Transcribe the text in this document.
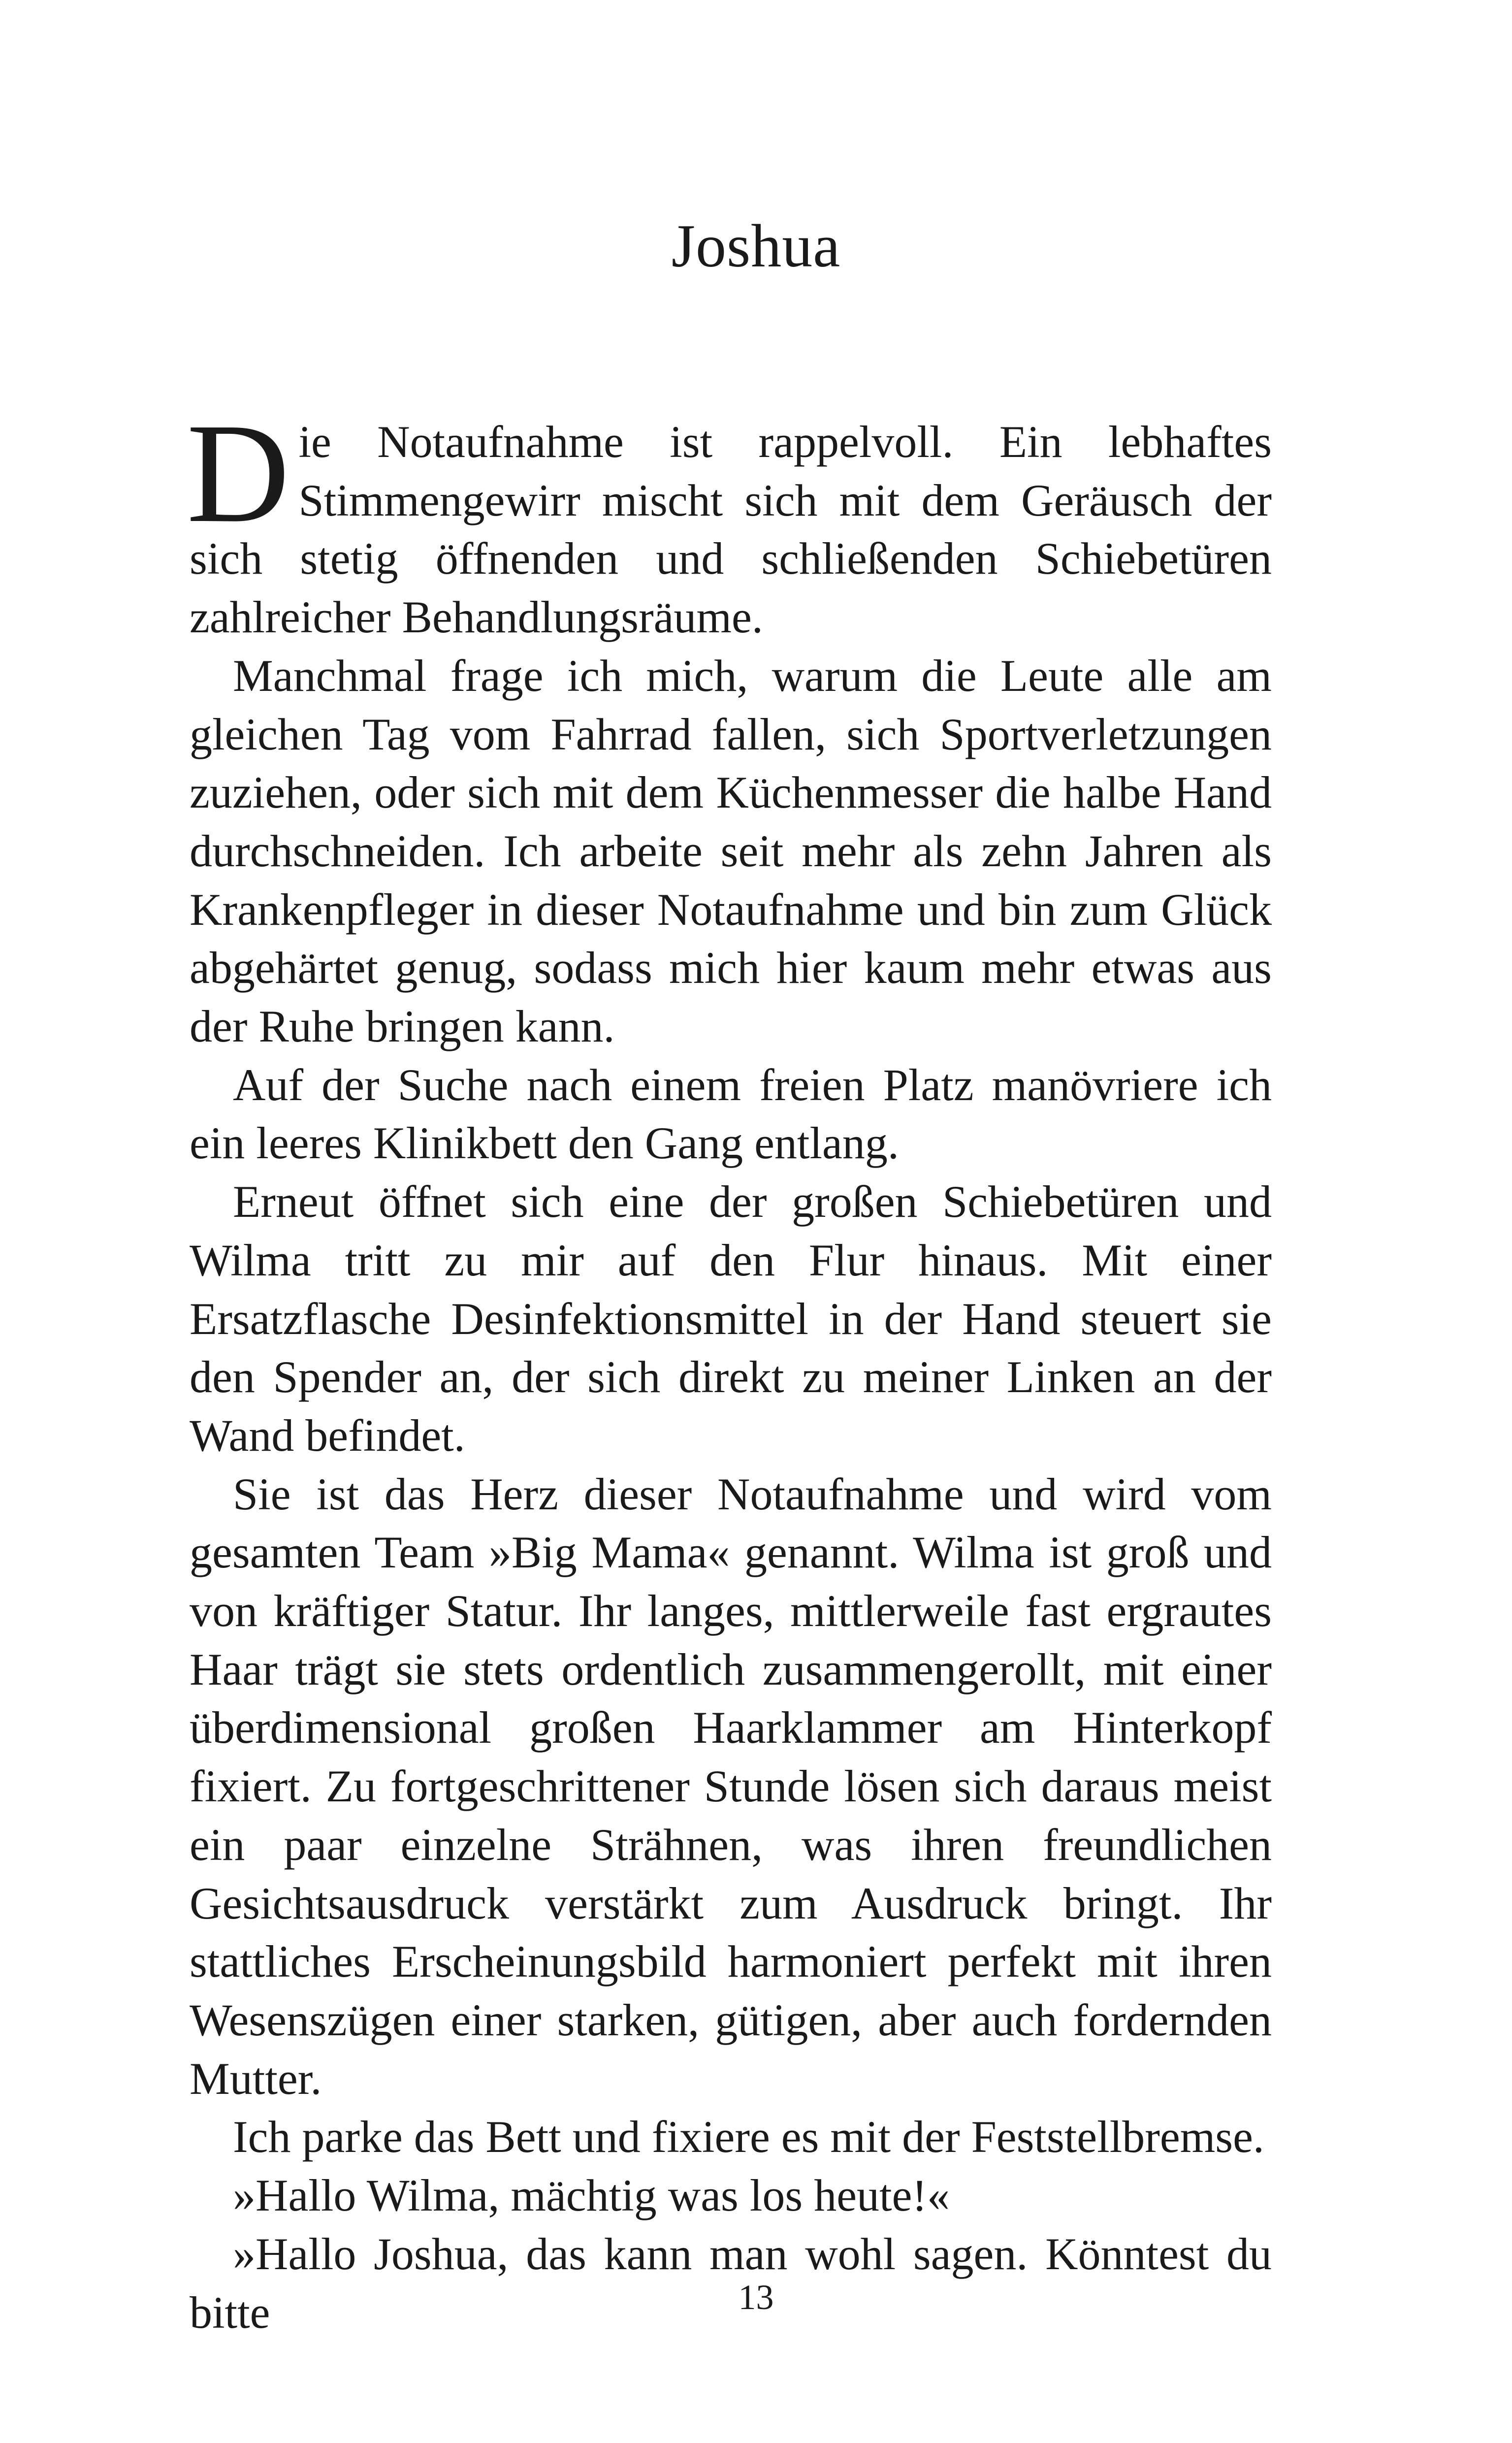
Joshua

Die Notaufnahme ist rappelvoll. Ein lebhaftes Stimmengewirr mischt sich mit dem Geräusch der sich stetig öffnenden und schließenden Schiebetüren zahlreicher Behandlungsräume.

Manchmal frage ich mich, warum die Leute alle am gleichen Tag vom Fahrrad fallen, sich Sportverletzungen zuziehen, oder sich mit dem Küchenmesser die halbe Hand durchschneiden. Ich arbeite seit mehr als zehn Jahren als Krankenpfleger in dieser Notaufnahme und bin zum Glück abgehärtet genug, sodass mich hier kaum mehr etwas aus der Ruhe bringen kann.

Auf der Suche nach einem freien Platz manövriere ich ein leeres Klinikbett den Gang entlang.

Erneut öffnet sich eine der großen Schiebetüren und Wilma tritt zu mir auf den Flur hinaus. Mit einer Ersatzflasche Desinfektionsmittel in der Hand steuert sie den Spender an, der sich direkt zu meiner Linken an der Wand befindet.

Sie ist das Herz dieser Notaufnahme und wird vom gesamten Team »Big Mama« genannt. Wilma ist groß und von kräftiger Statur. Ihr langes, mittlerweile fast ergrautes Haar trägt sie stets ordentlich zusammengerollt, mit einer überdimensional großen Haarklammer am Hinterkopf fixiert. Zu fortgeschrittener Stunde lösen sich daraus meist ein paar einzelne Strähnen, was ihren freundlichen Gesichtsausdruck verstärkt zum Ausdruck bringt. Ihr stattliches Erscheinungsbild harmoniert perfekt mit ihren Wesenszügen einer starken, gütigen, aber auch fordernden Mutter.

Ich parke das Bett und fixiere es mit der Feststellbremse.

»Hallo Wilma, mächtig was los heute!«

»Hallo Joshua, das kann man wohl sagen. Könntest du bitte	13
